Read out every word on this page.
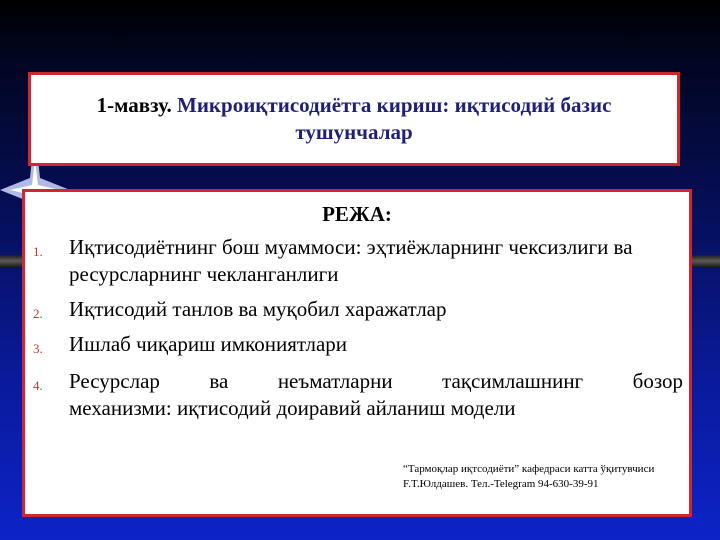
1-мавзу. Микроиқтисодиётга кириш: иқтисодий базис
тушунчалар
РЕЖА:
1.	Иқтисодиётнинг бош муаммоси: эҳтиёжларнинг чексизлиги ва ресурсларнинг чекланганлиги
2.	Иқтисодий танлов ва муқобил харажатлар
3.	Ишлаб чиқариш имкониятлари
4.	Ресурслар ва неъматларни тақсимлашнинг бозор
механизми: иқтисодий доиравий айланиш модели
“Тармоқлар иқтсодиёти” кафедраси катта ўқитувчиси
F.T.Юлдашев. Тел.-Telegram 94-630-39-91
